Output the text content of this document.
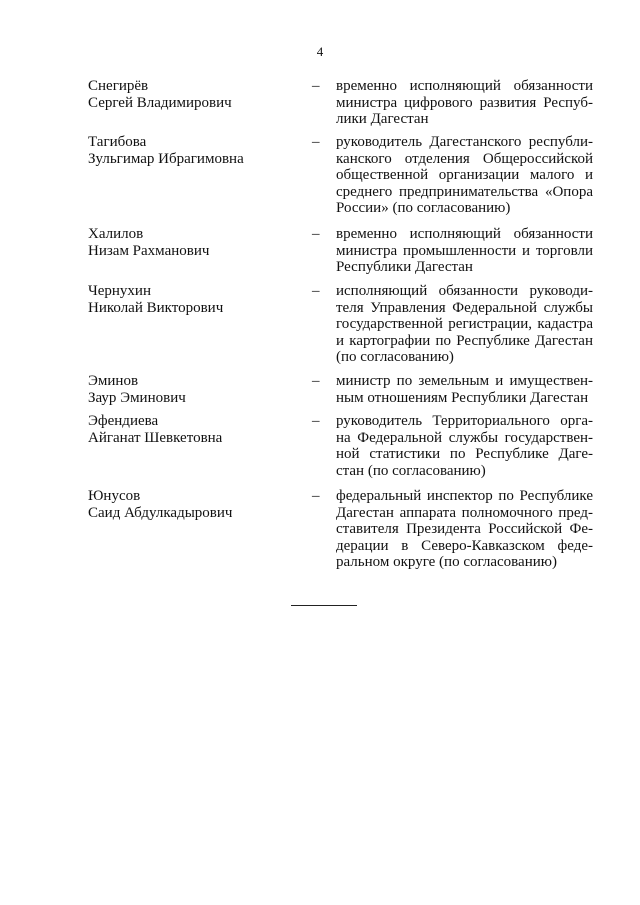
4
Снегирёв
Сергей Владимирович
– временно исполняющий обязанности
министра цифрового развития Респуб-
лики Дагестан
Тагибова
Зульгимар Ибрагимовна
– руководитель Дагестанского республи-
канского отделения Общероссийской
общественной организации малого и
среднего предпринимательства «Опора
России» (по согласованию)
Халилов
Низам Рахманович
– временно исполняющий обязанности
министра промышленности и торговли
Республики Дагестан
Чернухин
Николай Викторович
– исполняющий обязанности руководи-
теля Управления Федеральной службы
государственной регистрации, кадастра
и картографии по Республике Дагестан
(по согласованию)
Эминов
Заур Эминович
– министр по земельным и имуществен-
ным отношениям Республики Дагестан
Эфендиева
Айганат Шевкетовна
– руководитель Территориального орга-
на Федеральной службы государствен-
ной статистики по Республике Даге-
стан (по согласованию)
Юнусов
Саид Абдулкадырович
– федеральный инспектор по Республике
Дагестан аппарата полномочного пред-
ставителя Президента Российской Фе-
дерации в Северо-Кавказском феде-
ральном округе (по согласованию)
